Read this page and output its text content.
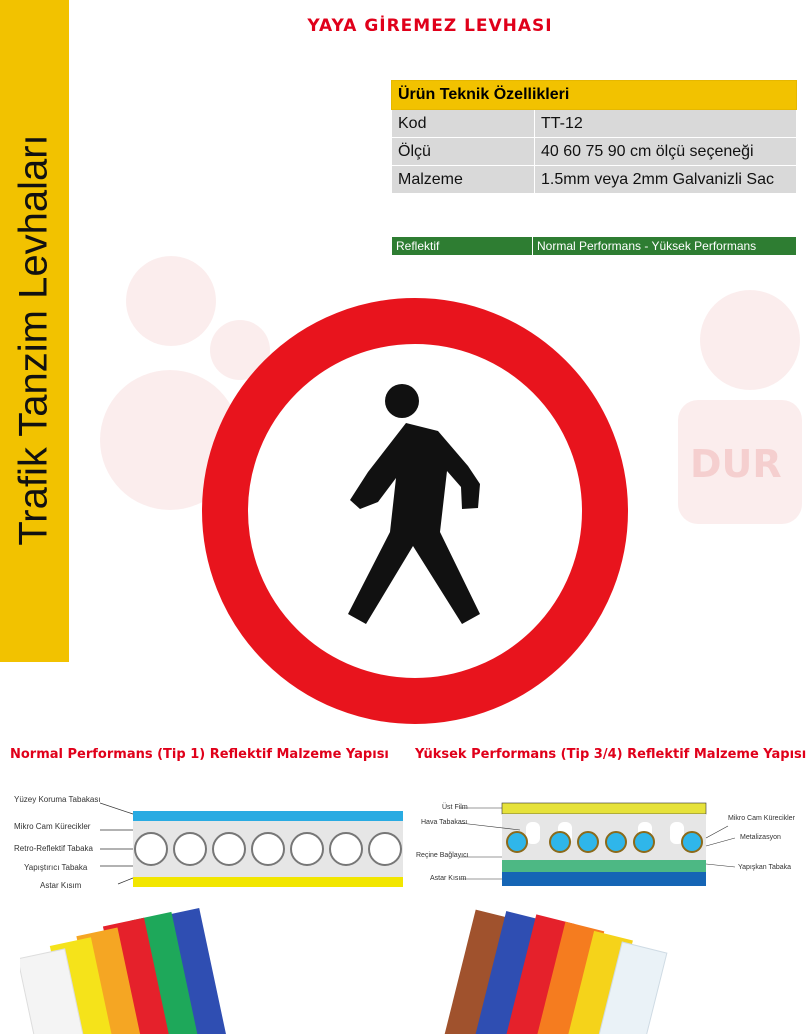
Trafik Tanzim Levhaları
YAYA GİREMEZ LEVHASI
DUR
Ürün Teknik Özellikleri	
Kod	TT-12
Ölçü	40 60 75 90 cm ölçü seçeneği
Malzeme	1.5mm veya 2mm Galvanizli Sac
Reflektif	Normal Performans - Yüksek Performans
Normal Performans (Tip 1) Reflektif Malzeme Yapısı Yüksek Performans (Tip 3/4) Reflektif Malzeme Yapısı
Yüzey Koruma Tabakası
Mikro Cam Kürecikler
Retro-Reflektif Tabaka
Yapıştırıcı Tabaka
Astar Kısım
Üst Film
Hava Tabakası
Reçine Bağlayıcı
Astar Kısım
Mikro Cam Kürecikler
Metalizasyon
Yapışkan Tabaka
